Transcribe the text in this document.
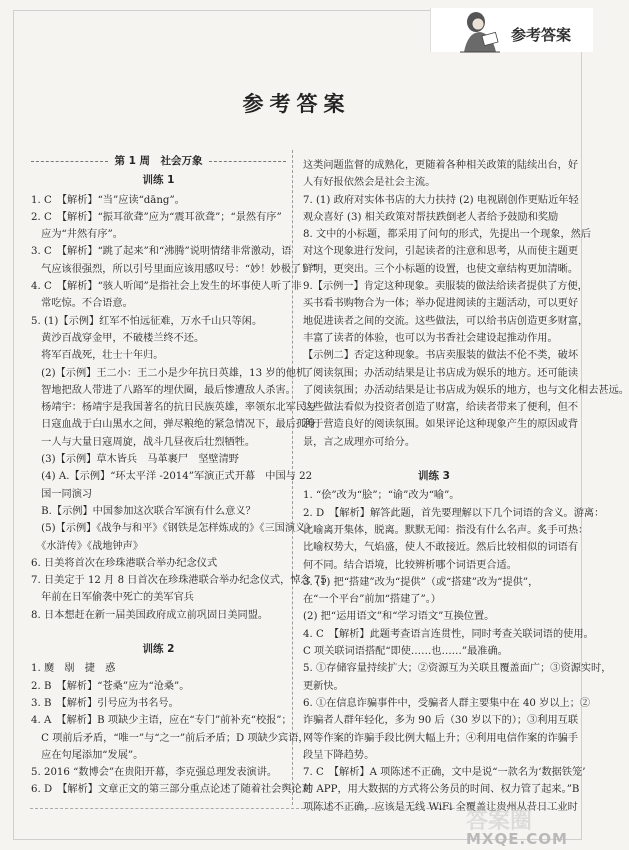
参考答案
参考答案
第 1 周　社会万象
训练 1
1. C　【解析】“当”应读“dāng”。
2. C　【解析】“振耳欲聋”应为“震耳欲聋”；“景然有序”
　应为“井然有序”。
3. C　【解析】“跳了起来”和“沸腾”说明情绪非常激动，语
　气应该很强烈，所以引号里面应该用感叹号：“妙！妙极了！”
4. C　【解析】“骇人听闻”是指社会上发生的坏事使人听了非
　常吃惊。不合语意。
5. (1)【示例】红军不怕远征难，万水千山只等闲。
　黄沙百战穿金甲，不破楼兰终不还。
　将军百战死，壮士十年归。
　(2)【示例】王二小：王二小是少年抗日英雄，13 岁的他机
　智地把敌人带进了八路军的埋伏圈，最后惨遭敌人杀害。
　杨靖宇：杨靖宇是我国著名的抗日民族英雄，率领东北军民与
　日寇血战于白山黑水之间，弹尽粮绝的紧急情况下，最后孤身
　一人与大量日寇周旋，战斗几昼夜后壮烈牺牲。
　(3)【示例】草木皆兵　马革裹尸　坚壁清野
　(4) A.【示例】“环太平洋 -2014”军演正式开幕　中国与 22
　国一同演习
　B.【示例】中国参加这次联合军演有什么意义？
　(5)【示例】《战争与和平》《钢铁是怎样炼成的》《三国演义》
　《水浒传》《战地钟声》
6. 日美将首次在珍珠港联合举办纪念仪式
7. 日美定于 12 月 8 日首次在珍珠港联合举办纪念仪式，悼念 75
　年前在日军偷袭中死亡的美军官兵
8. 日本想赶在新一届美国政府成立前巩固日美同盟。
训练 2
1. 㸏　㓭　捷　惑
2. B　【解析】“苍桑”应为“沧桑”。
3. B　【解析】引号应为书名号。
4. A　【解析】B 项缺少主语，应在“专门”前补充“校报”；
　C 项前后矛盾，“唯一”与“之一”前后矛盾；D 项缺少宾语，
　应在句尾添加“发展”。
5. 2016 “数博会”在贵阳开幕，李克强总理发表演讲。
6. D　【解析】文章正文的第三部分重点论述了随着社会舆论对
这类问题监督的成熟化，更随着各种相关政策的陆续出台，好
人有好报依然会是社会主流。
7. (1) 政府对实体书店的大力扶持 (2) 电视剧创作更贴近年轻
观众喜好 (3) 相关政策对帮扶跌倒老人者给予鼓励和奖励
8. 文中的小标题，都采用了问句的形式，先提出一个现象，然后
对这个现象进行发问，引起读者的注意和思考，从而使主题更
鲜明，更突出。三个小标题的设置，也使文章结构更加清晰。
9.【示例一】肯定这种现象。卖服装的做法给读者提供了方便，
买书看书购物合为一体；举办促进阅读的主题活动，可以更好
地促进读者之间的交流。这些做法，可以给书店创造更多财富，
丰富了读者的体验，也可以为书香社会建设起推动作用。
【示例二】否定这种现象。书店卖服装的做法不伦不类，破坏
了阅读氛围；办活动结果是让书店成为娱乐的地方。还可能读
了阅读氛围；办活动结果是让书店成为娱乐的地方，也与文化相去甚远。
这些做法看似为投资者创造了财富，给读者带来了便利，但不
利于营造良好的阅读氛围。如果评论这种现象产生的原因或背
景，言之成理亦可给分。
训练 3
1. “侩”改为“脍”；“谕”改为“喻”。
2. D　【解析】解答此题，首先要理解以下几个词语的含义。游离：
比喻离开集体，脱离。默默无闻：指没有什么名声。炙手可热：
比喻权势大，气焰盛，使人不敢接近。然后比较相似的词语有
何不同。结合语境，比较辨析哪个词语更合适。
3. (1) 把“搭建”改为“提供”（或“搭建”改为“提供”，
在“一个平台”前加“搭建了”。）
(2) 把“运用语文”和“学习语文”互换位置。
4. C　【解析】此题考查语言连贯性，同时考查关联词语的使用。
C 项关联词语搭配“即使……也……”最准确。
5. ①存储容量持续扩大；②资源互为关联且覆盖面广；③资源实时，
更新快。
6. ①在信息诈骗事件中，受骗者人群主要集中在 40 岁以上；②
诈骗者人群年轻化，多为 90 后（30 岁以下的）；③利用互联
网等作案的诈骗手段比例大幅上升；④利用电信作案的诈骗手
段呈下降趋势。
7. C　【解析】A 项陈述不正确，文中是说“一款名为‘数据铁笼’
的 APP，用大数据的方式将公务员的时间、权力管了起来。”B
项陈述不正确，应该是无线 WiFi 全覆盖让贵州从昔日工业时
答案圈
MXQE.COM
